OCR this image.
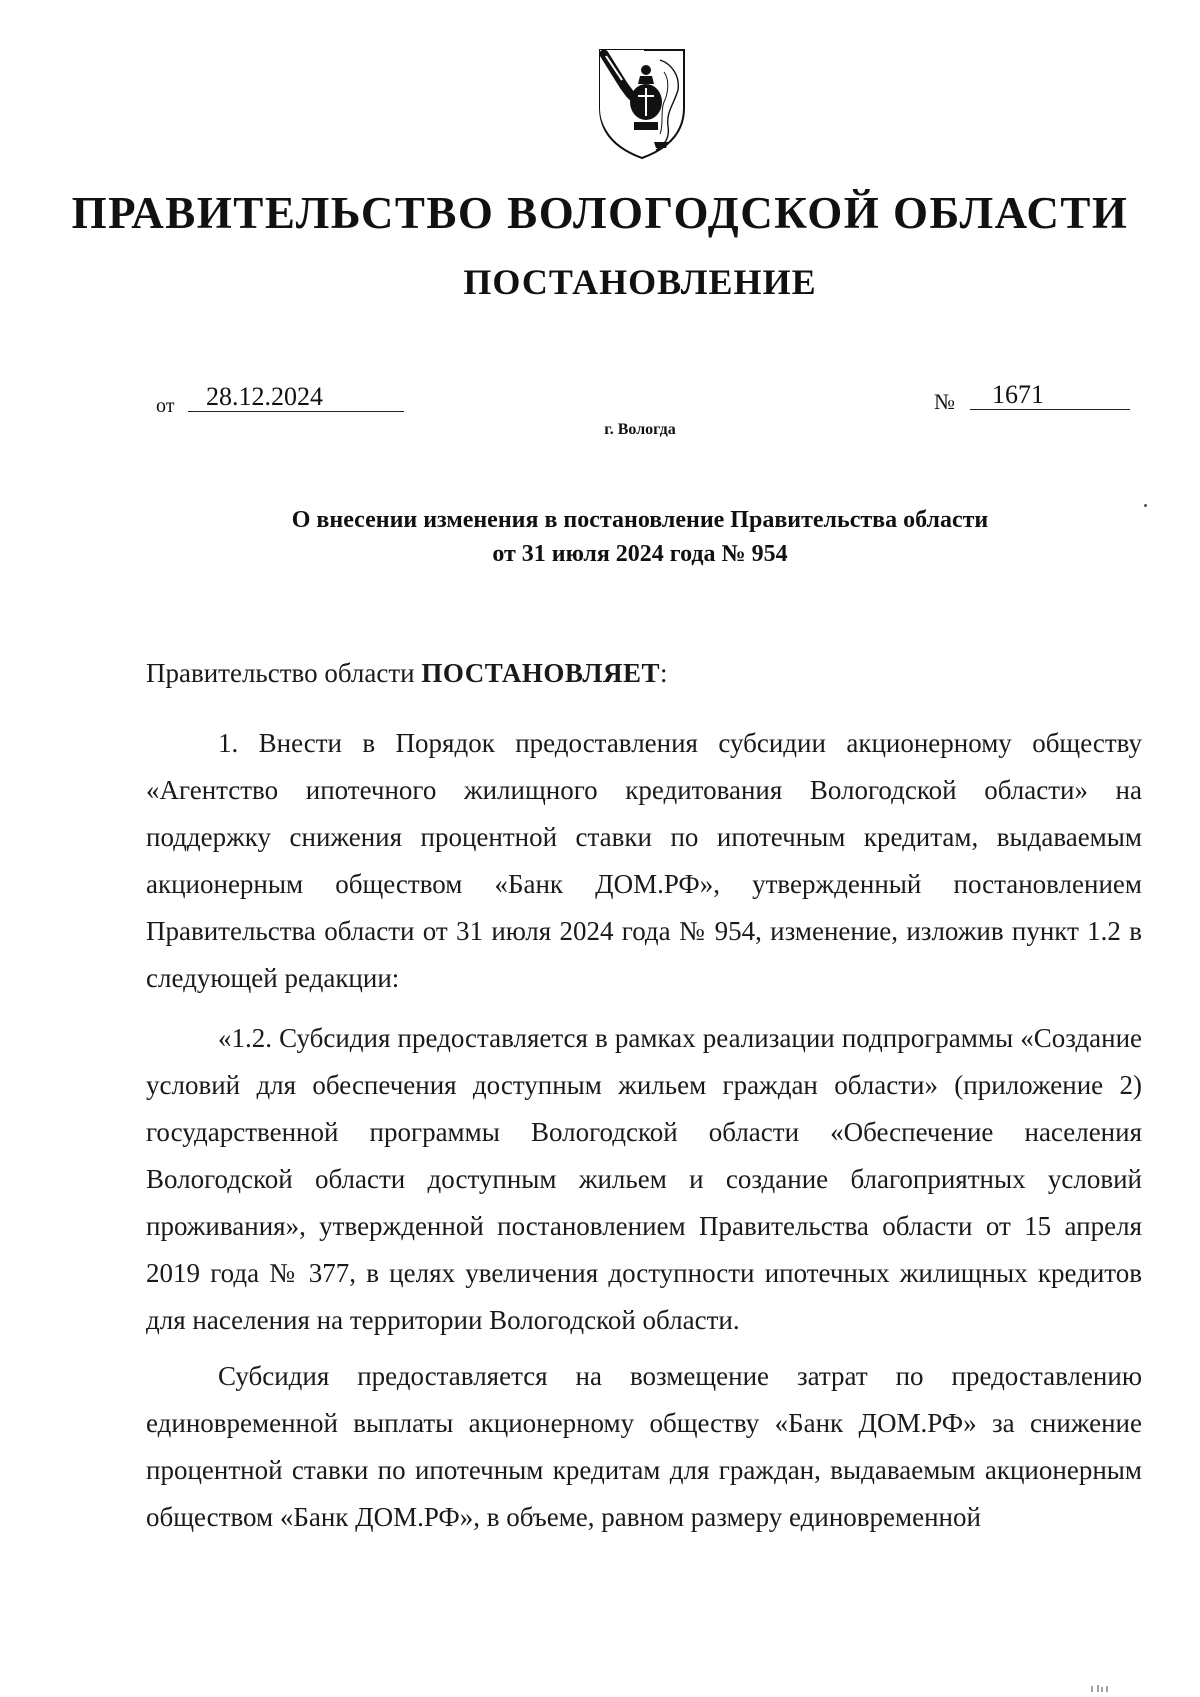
ПРАВИТЕЛЬСТВО ВОЛОГОДСКОЙ ОБЛАСТИ
ПОСТАНОВЛЕНИЕ
от	28.12.2024	№	1671
г. Вологда
О внесении изменения в постановление Правительства области
от 31 июля 2024 года № 954

Правительство области ПОСТАНОВЛЯЕТ:

1. Внести в Порядок предоставления субсидии акционерному обществу «Агентство ипотечного жилищного кредитования Вологодской области» на поддержку снижения процентной ставки по ипотечным кредитам, выдаваемым акционерным обществом «Банк ДОМ.РФ», утвержденный постановлением Правительства области от 31 июля 2024 года № 954, изменение, изложив пункт 1.2 в следующей редакции:

«1.2. Субсидия предоставляется в рамках реализации подпрограммы «Создание условий для обеспечения доступным жильем граждан области» (приложение 2) государственной программы Вологодской области «Обеспечение населения Вологодской области доступным жильем и создание благоприятных условий проживания», утвержденной постановлением Правительства области от 15 апреля 2019 года № 377, в целях увеличения доступности ипотечных жилищных кредитов для населения на территории Вологодской области.

Субсидия предоставляется на возмещение затрат по предоставлению единовременной выплаты акционерному обществу «Банк ДОМ.РФ» за снижение процентной ставки по ипотечным кредитам для граждан, выдаваемым акционерным обществом «Банк ДОМ.РФ», в объеме, равном размеру единовременной
